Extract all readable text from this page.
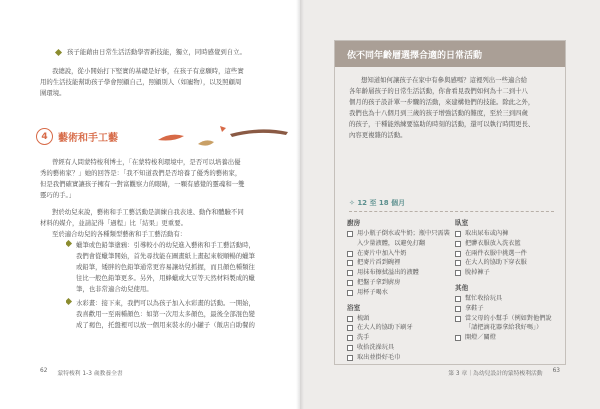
孩子能藉由日常生活活動學習新技能，獨立，同時感覺到自立。
我總說，從小開始打下堅實的基礎是好事，在孩子有意願時，這些實
用的生活技能幫助孩子學會照顧自己，照顧別人（如寵物），以及照顧周
圍環境。
4	藝術和手工藝
曾經有人問蒙特梭利博士，「在蒙特梭利環境中，是否可以培養出優
秀的藝術家？」她的回答是：「我不知道我們是否培養了優秀的藝術家，
但是我們確實讓孩子擁有一對富觀察力的眼睛，一顆有感覺的靈魂和一雙
靈巧的手。」
對於幼兒來說，藝術和手工藝活動是訓練自我表達、動作和體驗不同
材料的媒介，並請記得「過程」比「結果」更重要。
至於適合幼兒的各種類型藝術和手工藝活動有：
蠟筆或色鉛筆塗鴉：引導較小的幼兒進入藝術和手工藝活動時，
我們會從蠟筆開始，首先尋找能在圖畫紙上畫起來較順暢的蠟筆
或鉛筆，矮胖的色鉛筆通常更容易讓幼兒抓握，而且顏色種類往
往比一般色鉛筆更多。另外，用蜂蠟或大豆等天然材料製成的蠟
筆，也非常適合幼兒使用。
水彩畫：接下來，我們可以為孩子加入水彩畫的活動。一開始，
我喜歡用一至兩種顏色：如第一次用太多顏色，最後全部混色變
成了褐色，托盤裡可以放一個用來裝水的小罐子（飯店自助餐的
62 蒙特梭利 1-3 歲教養全書
依不同年齡層選擇合適的日常活動
想知道如何讓孩子在家中有參與感嗎？這裡列出一些適合給
各年齡層孩子的日常生活活動，你會看見我們如何為十二到十八
個月的孩子設計單一步驟的活動，來建構他們的技能。除此之外，
我們也為十八個月到三歲的孩子增強活動的難度，至於三到四歲
的孩子，干種能熟練要協助的時刻的活動，還可以執行時間更長、
內容更複雜的活動。
✧ 12 至 18 個月
廚房
用小瓶子倒水或牛奶；瓶中只需裝入少量液體，以避免打翻
在麥片中加入牛奶
把麥片舀到碗裡
用抹布擦拭溢出的液體
把盤子拿到廚房
用杯子喝水
浴室
梳頭
在大人的協助下刷牙
洗手
收拾洗澡玩具
取出並掛好毛巾
臥室
取出尿布或內褲
把髒衣服放入洗衣籃
在兩件衣服中挑選一件
在大人的協助下穿衣服
脫掉褲子
其他
幫忙收拾玩具
拿鞋子
當父母的小幫手（例如對他們說「請把滴花器拿給我好嗎」）
開燈／關燈
第 3 章｜為幼兒設計的蒙特梭利活動 63
